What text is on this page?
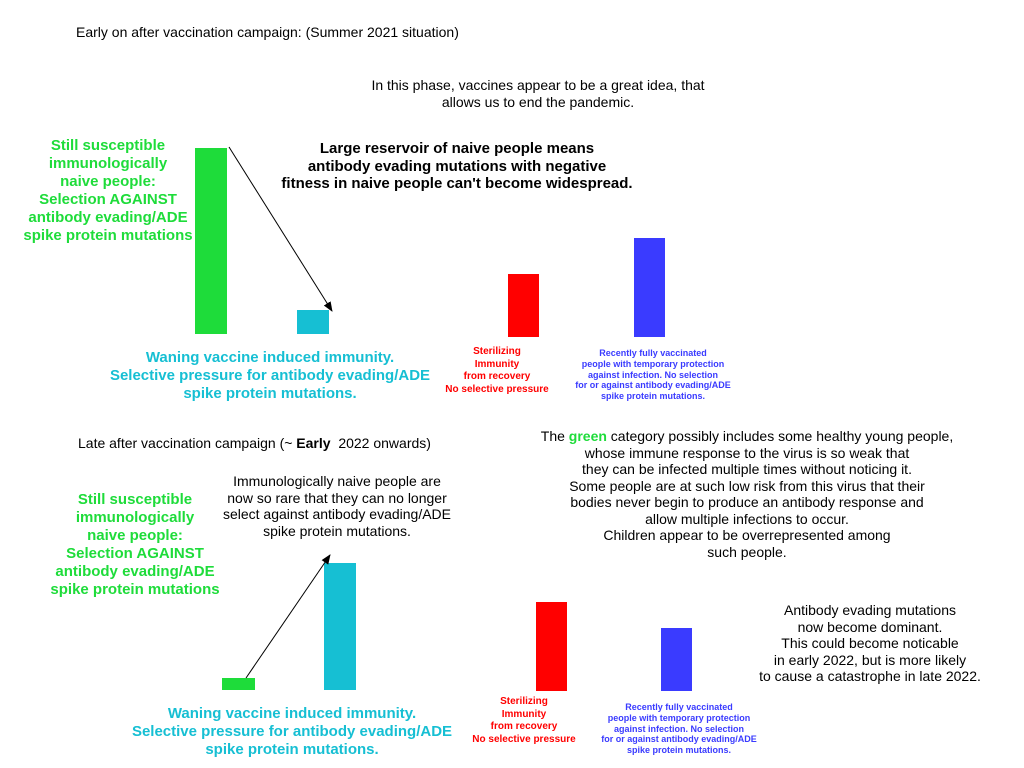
Early on after vaccination campaign: (Summer 2021 situation)
In this phase, vaccines appear to be a great idea, that
allows us to end the pandemic.
Large reservoir of naive people means
antibody evading mutations with negative
fitness in naive people can't become widespread.
Still susceptible
immunologically
naive people:
Selection AGAINST
antibody evading/ADE
spike protein mutations
Waning vaccine induced immunity.
Selective pressure for antibody evading/ADE
spike protein mutations.
Sterilizing
Immunity
from recovery
No selective pressure
Recently fully vaccinated
people with temporary protection
against infection. No selection
for or against antibody evading/ADE
spike protein mutations.
Late after vaccination campaign (~ Early  2022 onwards)	The green category possibly includes some healthy young people,
whose immune response to the virus is so weak that
they can be infected multiple times without noticing it.
Some people are at such low risk from this virus that their
bodies never begin to produce an antibody response and
allow multiple infections to occur.
Children appear to be overrepresented among
such people.
Immunologically naive people are
now so rare that they can no longer
select against antibody evading/ADE
spike protein mutations.
Still susceptible
immunologically
naive people:
Selection AGAINST
antibody evading/ADE
spike protein mutations
Antibody evading mutations
now become dominant.
This could become noticable
in early 2022, but is more likely
to cause a catastrophe in late 2022.
Waning vaccine induced immunity.
Selective pressure for antibody evading/ADE
spike protein mutations.
Sterilizing
Immunity
from recovery
No selective pressure
Recently fully vaccinated
people with temporary protection
against infection. No selection
for or against antibody evading/ADE
spike protein mutations.
